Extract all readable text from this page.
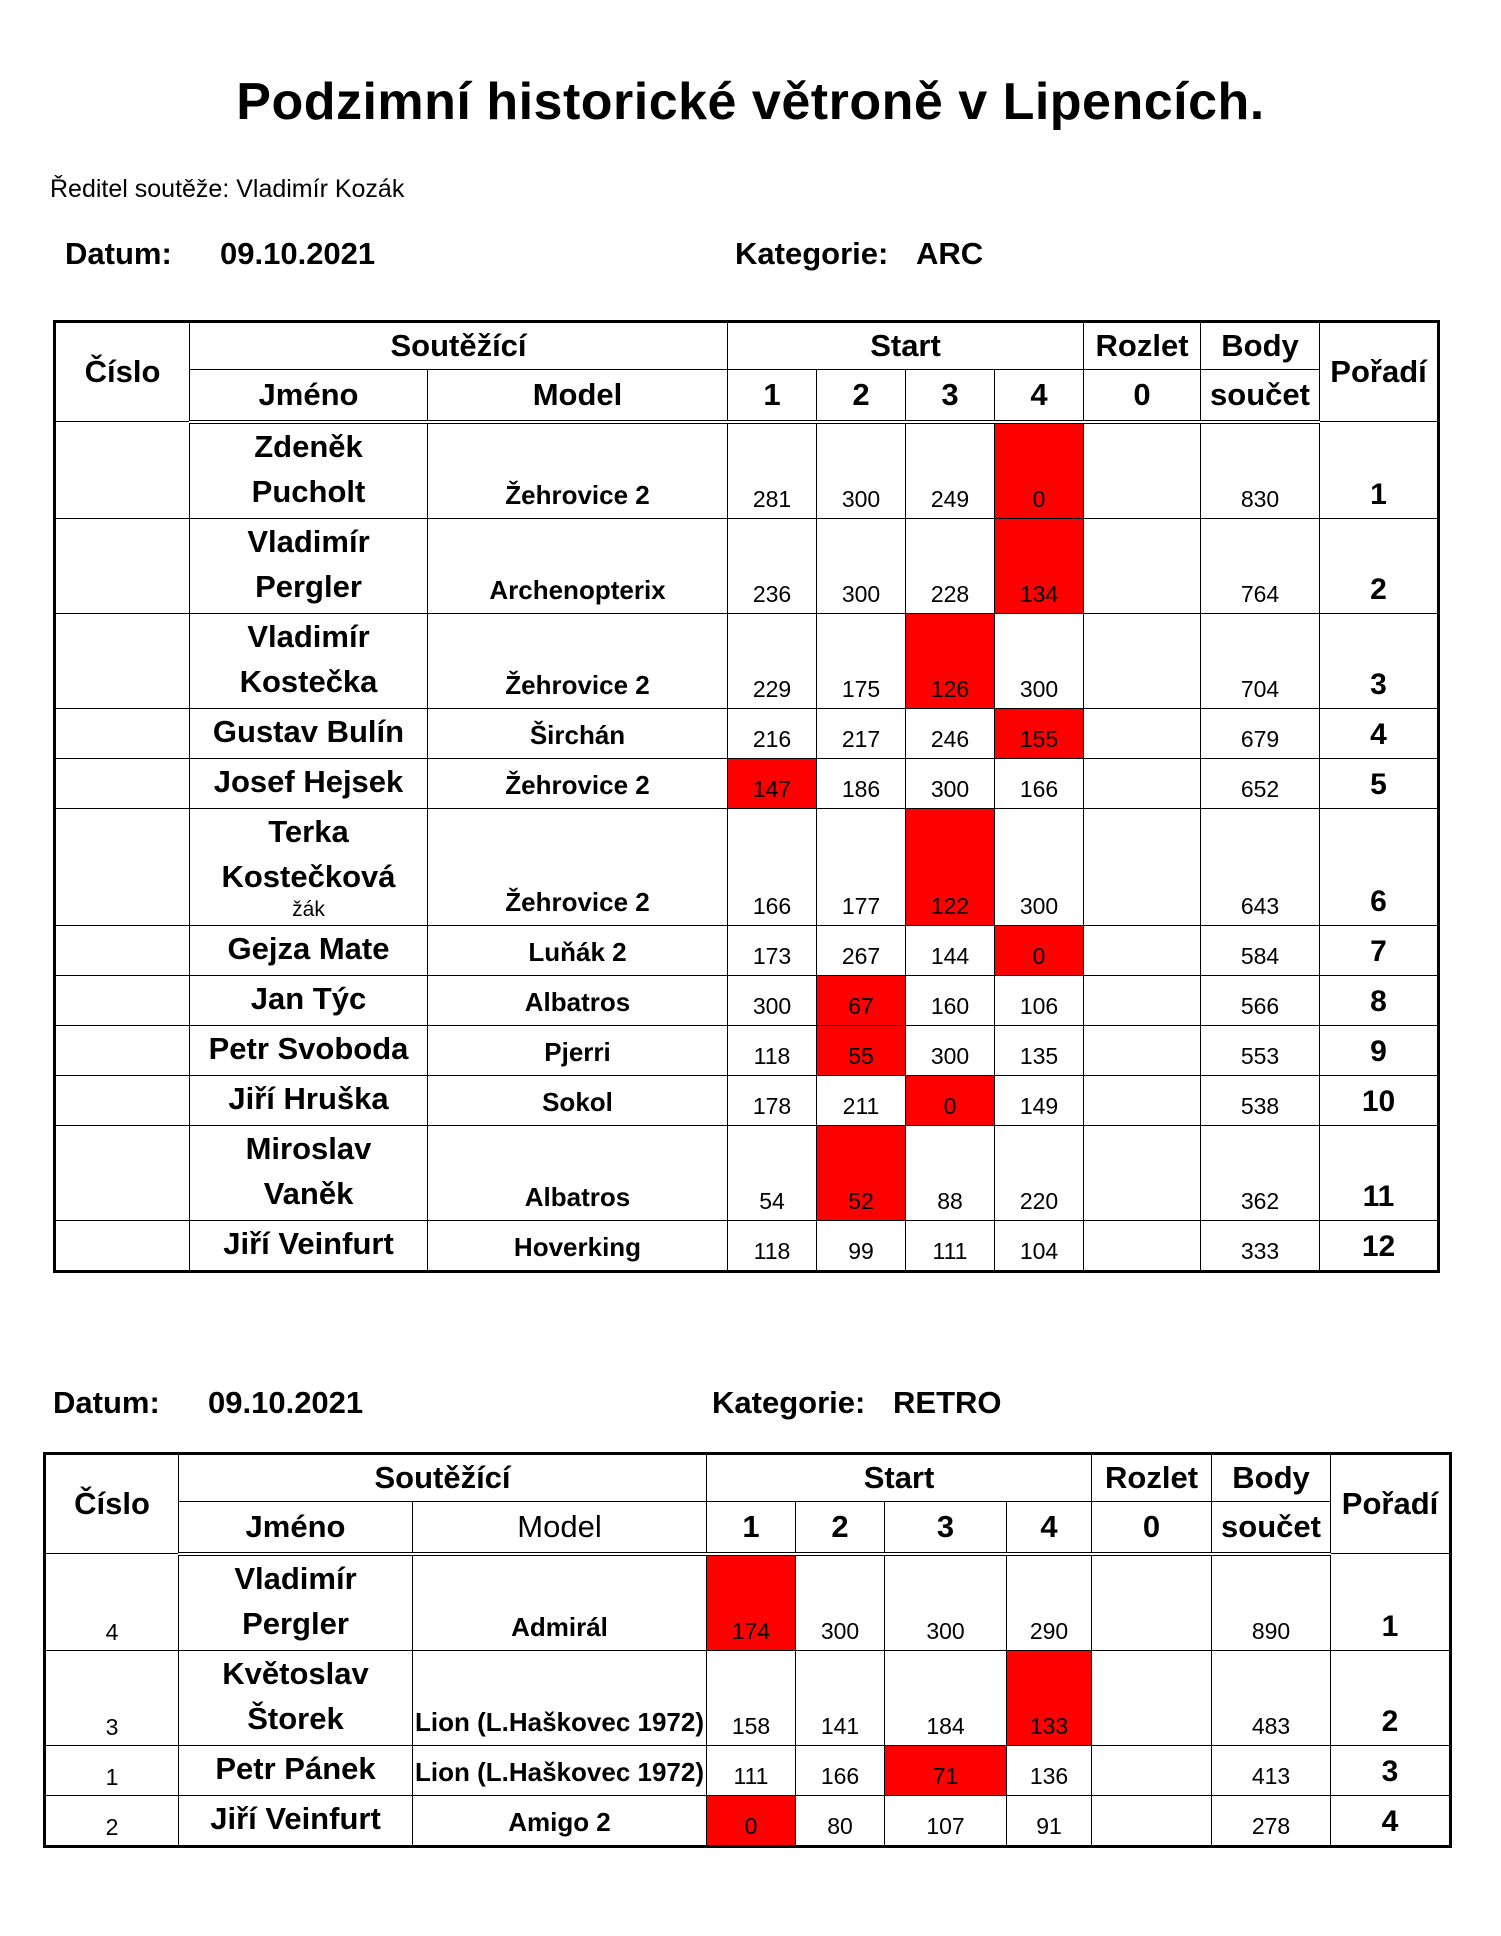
Podzimní historické větroně v Lipencích.
Ředitel soutěže: Vladimír Kozák
Datum: 09.10.2021	Kategorie: ARC
Číslo	Soutěžící		Start				Rozlet	Body	Pořadí
	Jméno	Model	1	2	3	4	0	součet	

	Zdeněk
Pucholt	Žehrovice 2	281	300	249	0		830	1

	Vladimír
Pergler	Archenopterix	236	300	228	134		764	2

	Vladimír
Kostečka	Žehrovice 2	229	175	126	300		704	3

	Gustav Bulín	Širchán	216	217	246	155		679	4

	Josef Hejsek	Žehrovice 2	147	186	300	166		652	5

	Terka
Kostečková
žák	Žehrovice 2	166	177	122	300		643	6

	Gejza Mate	Luňák 2	173	267	144	0		584	7

	Jan Týc	Albatros	300	67	160	106		566	8

	Petr Svoboda	Pjerri	118	55	300	135		553	9

	Jiří Hruška	Sokol	178	211	0	149		538	10

	Miroslav
Vaněk	Albatros	54	52	88	220		362	11

	Jiří Veinfurt	Hoverking	118	99	111	104		333	12
Datum: 09.10.2021	Kategorie: RETRO
Číslo	Soutěžící		Start				Rozlet	Body	Pořadí
	Jméno	Model	1	2	3	4	0	součet	
4	Vladimír
Pergler	Admirál	174	300	300	290		890	1
3	Květoslav
Štorek	Lion (L.Haškovec 1972)	158	141	184	133		483	2
1	Petr Pánek	Lion (L.Haškovec 1972)	111	166	71	136		413	3
2	Jiří Veinfurt	Amigo 2	0	80	107	91		278	4
